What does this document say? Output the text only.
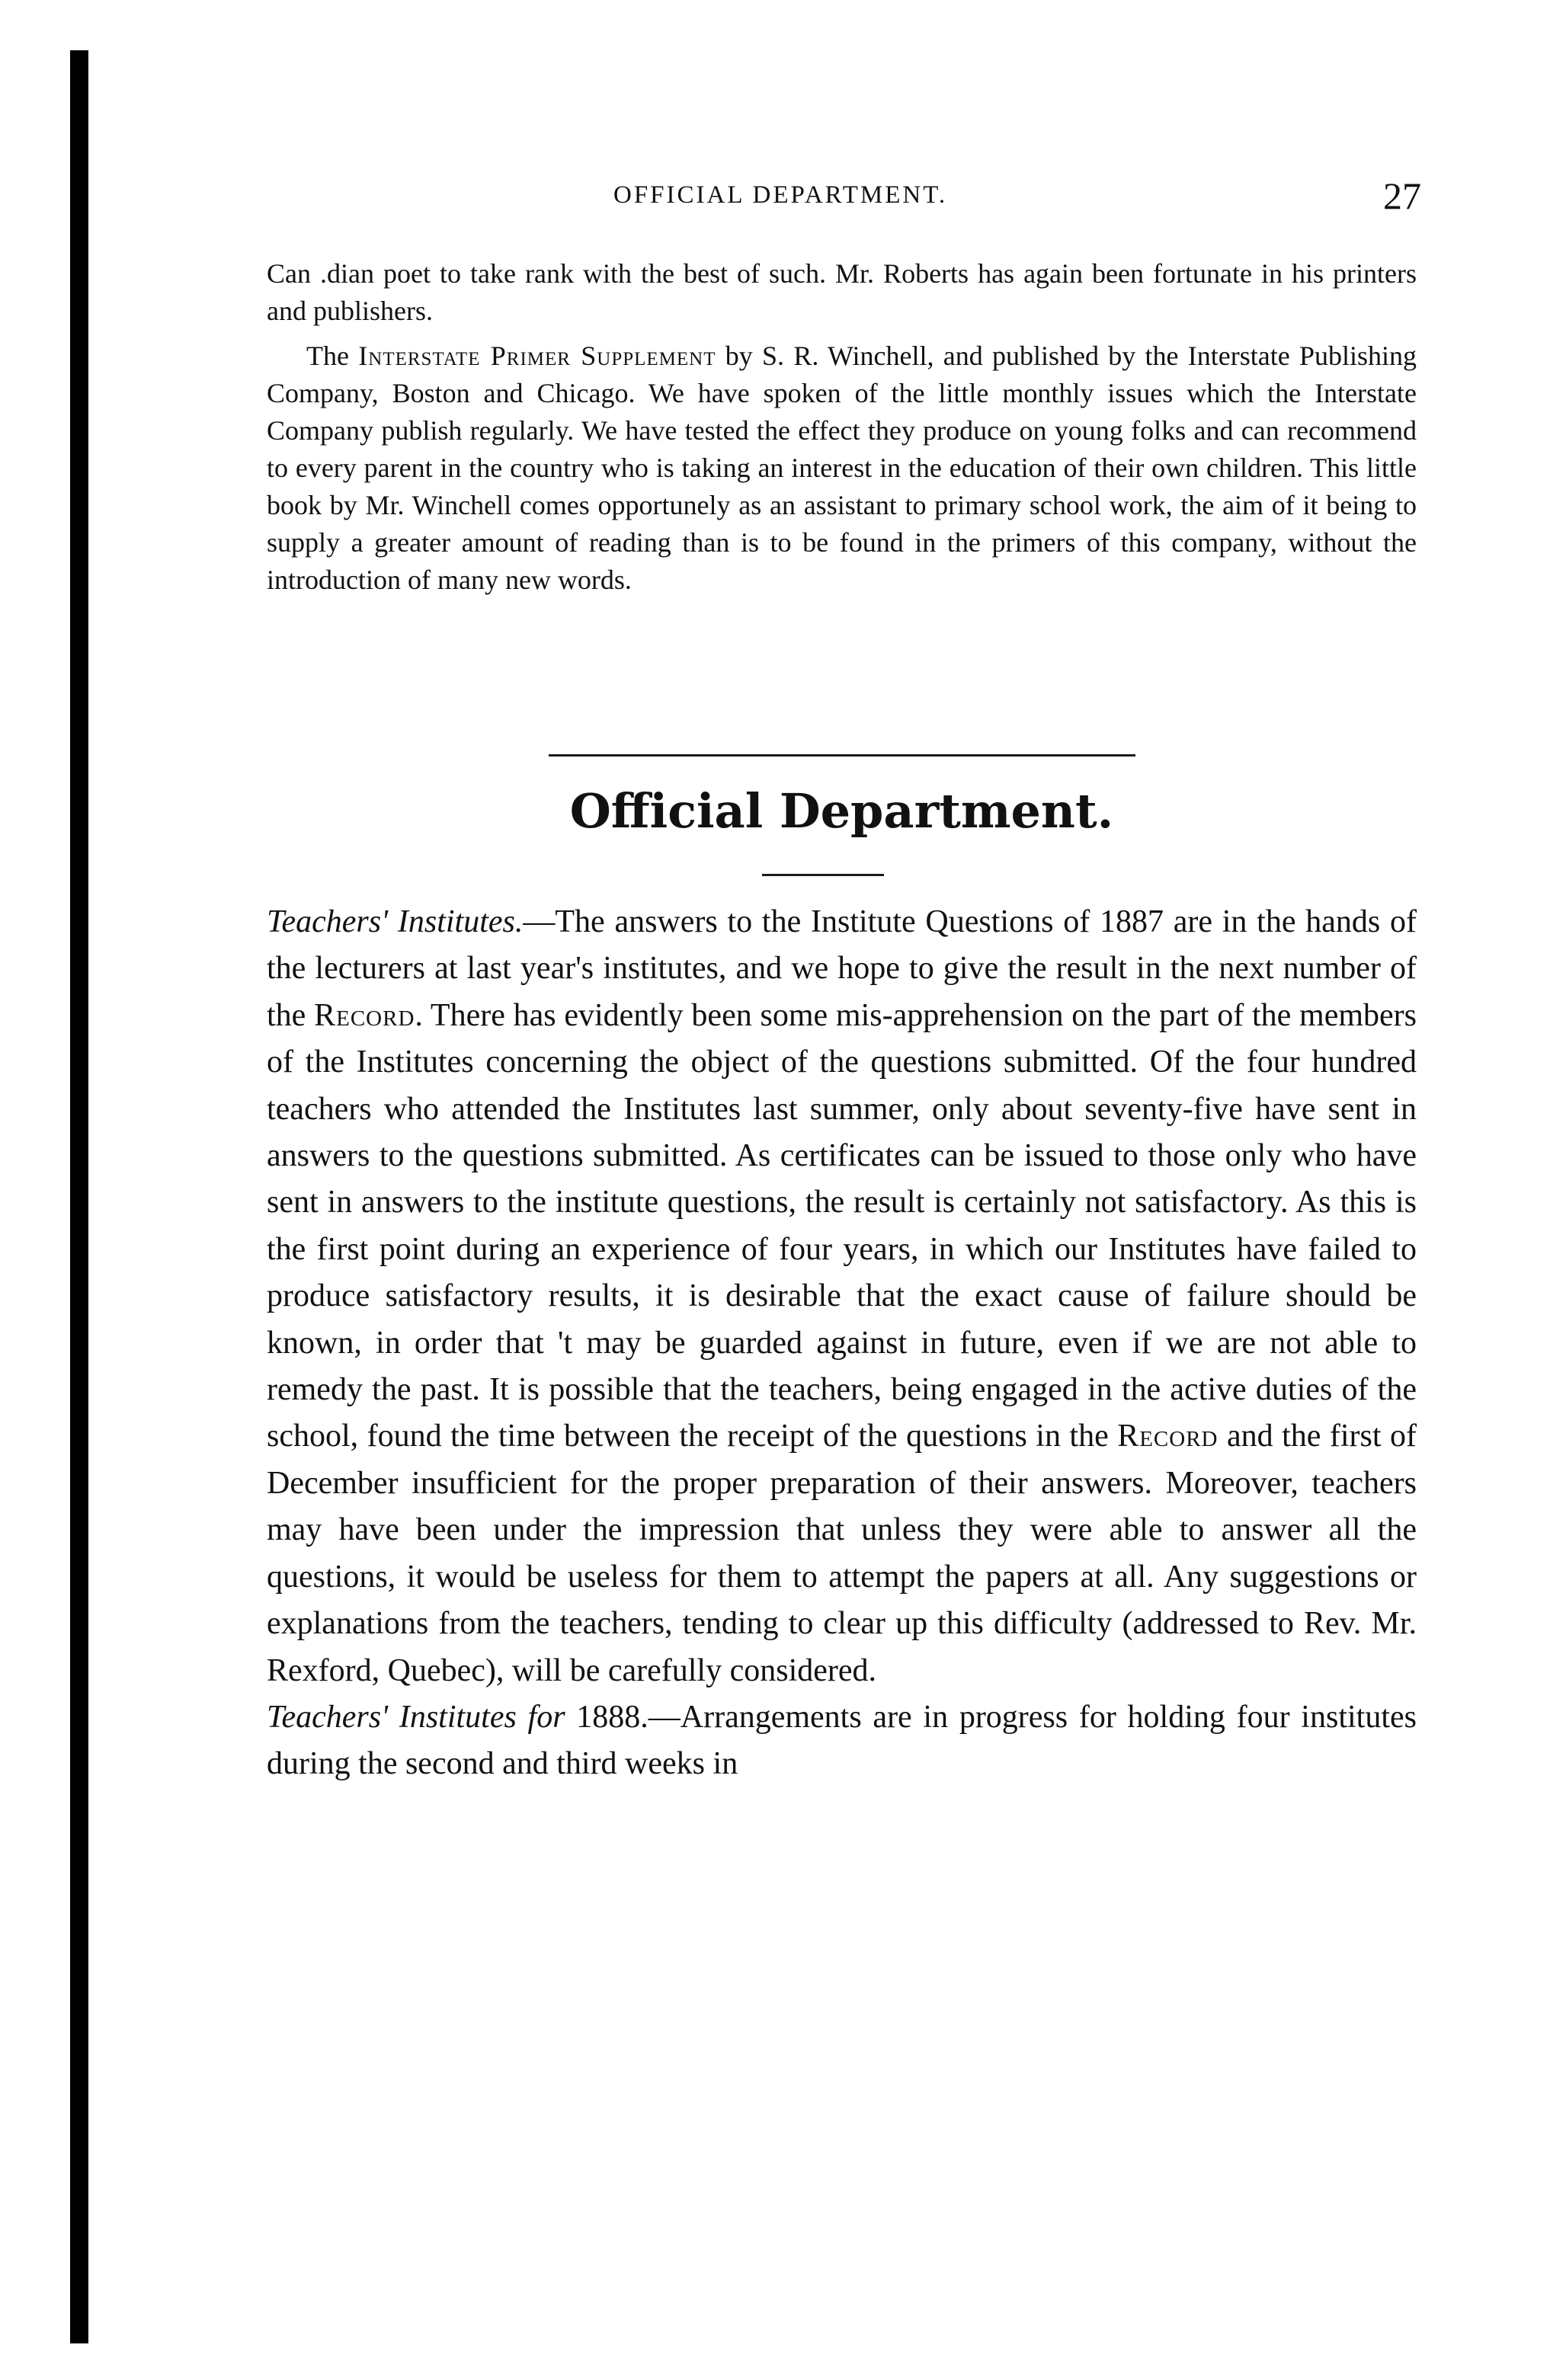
OFFICIAL DEPARTMENT.	27

Can .dian poet to take rank with the best of such. Mr. Roberts has again been fortunate in his printers and publishers.

The Interstate Primer Supplement by S. R. Winchell, and published by the Interstate Publishing Company, Boston and Chicago. We have spoken of the little monthly issues which the Interstate Company publish regularly. We have tested the effect they produce on young folks and can recommend to every parent in the country who is taking an interest in the education of their own children. This little book by Mr. Winchell comes opportunely as an assistant to primary school work, the aim of it being to supply a greater amount of reading than is to be found in the primers of this company, without the introduction of many new words.

Official Department.

Teachers' Institutes.—The answers to the Institute Questions of 1887 are in the hands of the lecturers at last year's institutes, and we hope to give the result in the next number of the Record. There has evidently been some mis-apprehension on the part of the members of the Institutes concerning the object of the questions submitted. Of the four hundred teachers who attended the Institutes last summer, only about seventy-five have sent in answers to the questions submitted. As certificates can be issued to those only who have sent in answers to the institute questions, the result is certainly not satisfactory. As this is the first point during an experience of four years, in which our Institutes have failed to produce satisfactory results, it is desirable that the exact cause of failure should be known, in order that 't may be guarded against in future, even if we are not able to remedy the past. It is possible that the teachers, being engaged in the active duties of the school, found the time between the receipt of the questions in the Record and the first of December insufficient for the proper preparation of their answers. Moreover, teachers may have been under the impression that unless they were able to answer all the questions, it would be useless for them to attempt the papers at all. Any suggestions or explanations from the teachers, tending to clear up this difficulty (addressed to Rev. Mr. Rexford, Quebec), will be carefully considered.

Teachers' Institutes for 1888.—Arrangements are in progress for holding four institutes during the second and third weeks in
